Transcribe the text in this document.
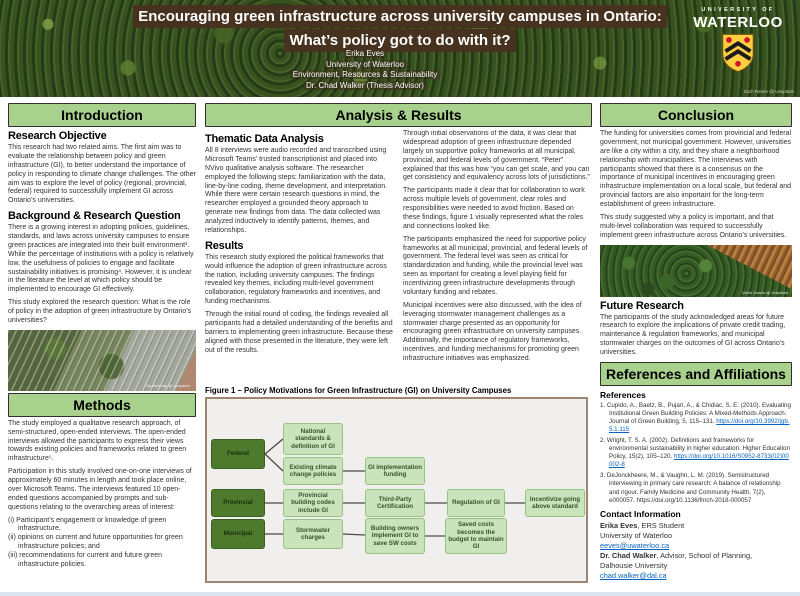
Encouraging green infrastructure across university campuses in Ontario:
What’s policy got to do with it?
Erika Eves
University of Waterloo
Environment, Resources & Sustainability
Dr. Chad Walker (Thesis Advisor)
UNIVERSITY OF
WATERLOO
Zach Reiner @ Unsplash
Introduction
Research Objective

This research had two related aims. The first aim was to evaluate the relationship between policy and green infrastructure (GI), to better understand the importance of policy in responding to climate change challenges. The other aim was to explore the level of policy (regional, provincial, federal) required to successfully implement GI across Ontario’s universities.

Background & Research Question

There is a growing interest in adopting policies, guidelines, standards, and laws across university campuses to ensure green practices are integrated into their built environment³. While the percentage of institutions with a policy is relatively low, the usefulness of policies to engage and facilitate sustainability initiatives is promising⁴. However, it is unclear in the literature the level at which policy should be implemented to encourage GI effectively.

This study explored the research question: What is the role of policy in the adoption of green infrastructure by Ontario’s universities?

Chuttersnap @ Unsplash
Methods

The study employed a qualitative research approach, of semi-structured, open-ended interviews. The open-ended interviews allowed the participants to express their views towards existing policies and frameworks related to green infrastructure⁵.

Participation in this study involved one-on-one interviews of approximately 60 minutes in length and took place online, over Microsoft Teams. The interviews featured 10 open-ended questions accompanied by prompts and sub-questions relating to the overarching areas of interest:

(i) Participant’s engagement or knowledge of green infrastructure,

(ii) opinions on current and future opportunities for green infrastructure policies; and

(iii) recommendations for current and future green infrastructure policies.

Analysis & Results
Thematic Data Analysis

All 8 interviews were audio recorded and transcribed using Microsoft Teams’ trusted transcriptionist and placed into NVivo qualitative analysis software. The researcher employed the following steps: familiarization with the data, line-by-line coding, theme development, and interpretation. While there were certain research questions in mind, the researcher employed a grounded theory approach to generate new findings from data. The data collected was analyzed inductively to identify patterns, themes, and relationships.

Results

This research study explored the political frameworks that would influence the adoption of green infrastructure across the nation, including university campuses. The findings revealed key themes, including multi-level government collaboration, regulatory frameworks and incentives, and funding mechanisms.

Through the initial round of coding, the findings revealed all participants had a detailed understanding of the benefits and barriers to implementing green infrastructure. Because these aligned with those presented in the literature, they were left out of the results.

Through initial observations of the data, it was clear that widespread adoption of green infrastructure depended largely on supportive policy frameworks at all municipal, provincial, and federal levels of government. “Peter” explained that this was how “you can get scale, and you can get consistency and equivalency across lots of jurisdictions.”

The participants made it clear that for collaboration to work across multiple levels of government, clear roles and responsibilities were needed to avoid friction. Based on these findings, figure 1 visually represented what the roles and connections looked like.

The participants emphasized the need for supportive policy frameworks at all municipal, provincial, and federal levels of government. The federal level was seen as critical for standardization and funding, while the provincial level was seen as important for creating a level playing field for incentivizing green infrastructure developments through voluntary funding and rebates.

Municipal incentives were also discussed, with the idea of leveraging stormwater management challenges as a stormwater charge presented as an opportunity for encouraging green infrastructure on university campuses. Additionally, the importance of regulatory frameworks, incentives, and funding mechanisms for promoting green infrastructure initiatives was emphasized.

Figure 1 – Policy Motivations for Green Infrastructure (GI) on University Campuses
Federal
Provincial
Municipal
National standards & definition of GI
Existing climate change policies
Provincial building codes include GI
Stormwater charges
GI implementation funding
Third-Party Certification
Building owners implement GI to save SW costs
Regulation of GI
Saved costs becomes the budget to maintain GI
Incentivize going above standard
Conclusion

The funding for universities comes from provincial and federal government, not municipal government. However, universities are like a city within a city, and they share a neighborhood relationship with municipalities. The interviews with participants showed that there is a consensus on the importance of municipal incentives in encouraging green infrastructure implementation on a local scale, but federal and provincial factors are also important for the long-term establishment of green infrastructure.

This study suggested why a policy is important, and that multi-level collaboration was required to successfully implement green infrastructure across Ontario’s universities.

Victor Garcia @ Unsplash
Future Research

The participants of the study acknowledged areas for future research to explore the implications of private credit trading, maintenance & regulation frameworks, and municipal stormwater charges on the outcomes of GI across Ontario’s universities.

References and Affiliations
References

1. Cupido, A., Baetz, B., Pujari, A., & Chidiac, S. E. (2010). Evaluating Institutional Green Building Policies: A Mixed-Methods Approach. Journal of Green Building, 5, 115–131. https://doi.org/10.3992/jgb.5.1.115

2. Wright, T. S. A. (2002). Definitions and frameworks for environmental sustainability in higher education. Higher Education Policy, 15(2), 105–120. https://doi.org/10.1016/S0952-8733(02)00002-8

3. DeJonckheere, M., & Vaughn, L. M. (2019). Semistructured interviewing in primary care research: A balance of relationship and rigour. Family Medicine and Community Health, 7(2), e000057. https://doi.org/10.1136/fmch-2018-000057

Contact Information
Erika Eves, ERS Student
University of Waterloo
eeves@uwaterloo.ca
Dr. Chad Walker, Advisor, School of Planning,
Dalhousie University
chad.walker@dal.ca
